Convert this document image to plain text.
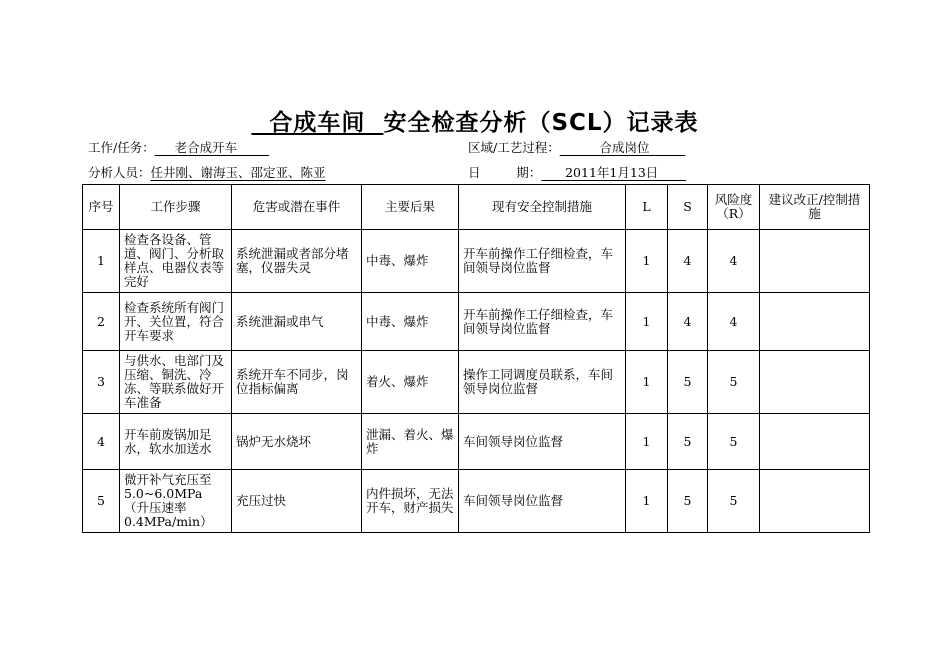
合成车间  安全检查分析（SCL）记录表
工作/任务：     老合成开车	区域/工艺过程：          合成岗位
分析人员：任井刚、谢海玉、邵定亚、陈亚	日         期：      2011年1月13日
序号	工作步骤	危害或潜在事件	主要后果	现有安全控制措施	L	S	风险度（R）	建议改正/控制措施
1	检查各设备、管道、阀门、分析取样点、电器仪表等完好	系统泄漏或者部分堵塞，仪器失灵	中毒、爆炸	开车前操作工仔细检查，车间领导岗位监督	1	4	4	
2	检查系统所有阀门开、关位置，符合开车要求	系统泄漏或串气	中毒、爆炸	开车前操作工仔细检查，车间领导岗位监督	1	4	4	
3	与供水、电部门及压缩、铜洗、冷冻、等联系做好开车准备	系统开车不同步，岗位指标偏离	着火、爆炸	操作工同调度员联系，车间领导岗位监督	1	5	5	
4	开车前废锅加足水，软水加送水	锅炉无水烧坏	泄漏、着火、爆炸	车间领导岗位监督	1	5	5	
5	微开补气充压至5.0~6.0MPa（升压速率0.4MPa/min）	充压过快	内件损坏，无法开车，财产损失	车间领导岗位监督	1	5	5	
